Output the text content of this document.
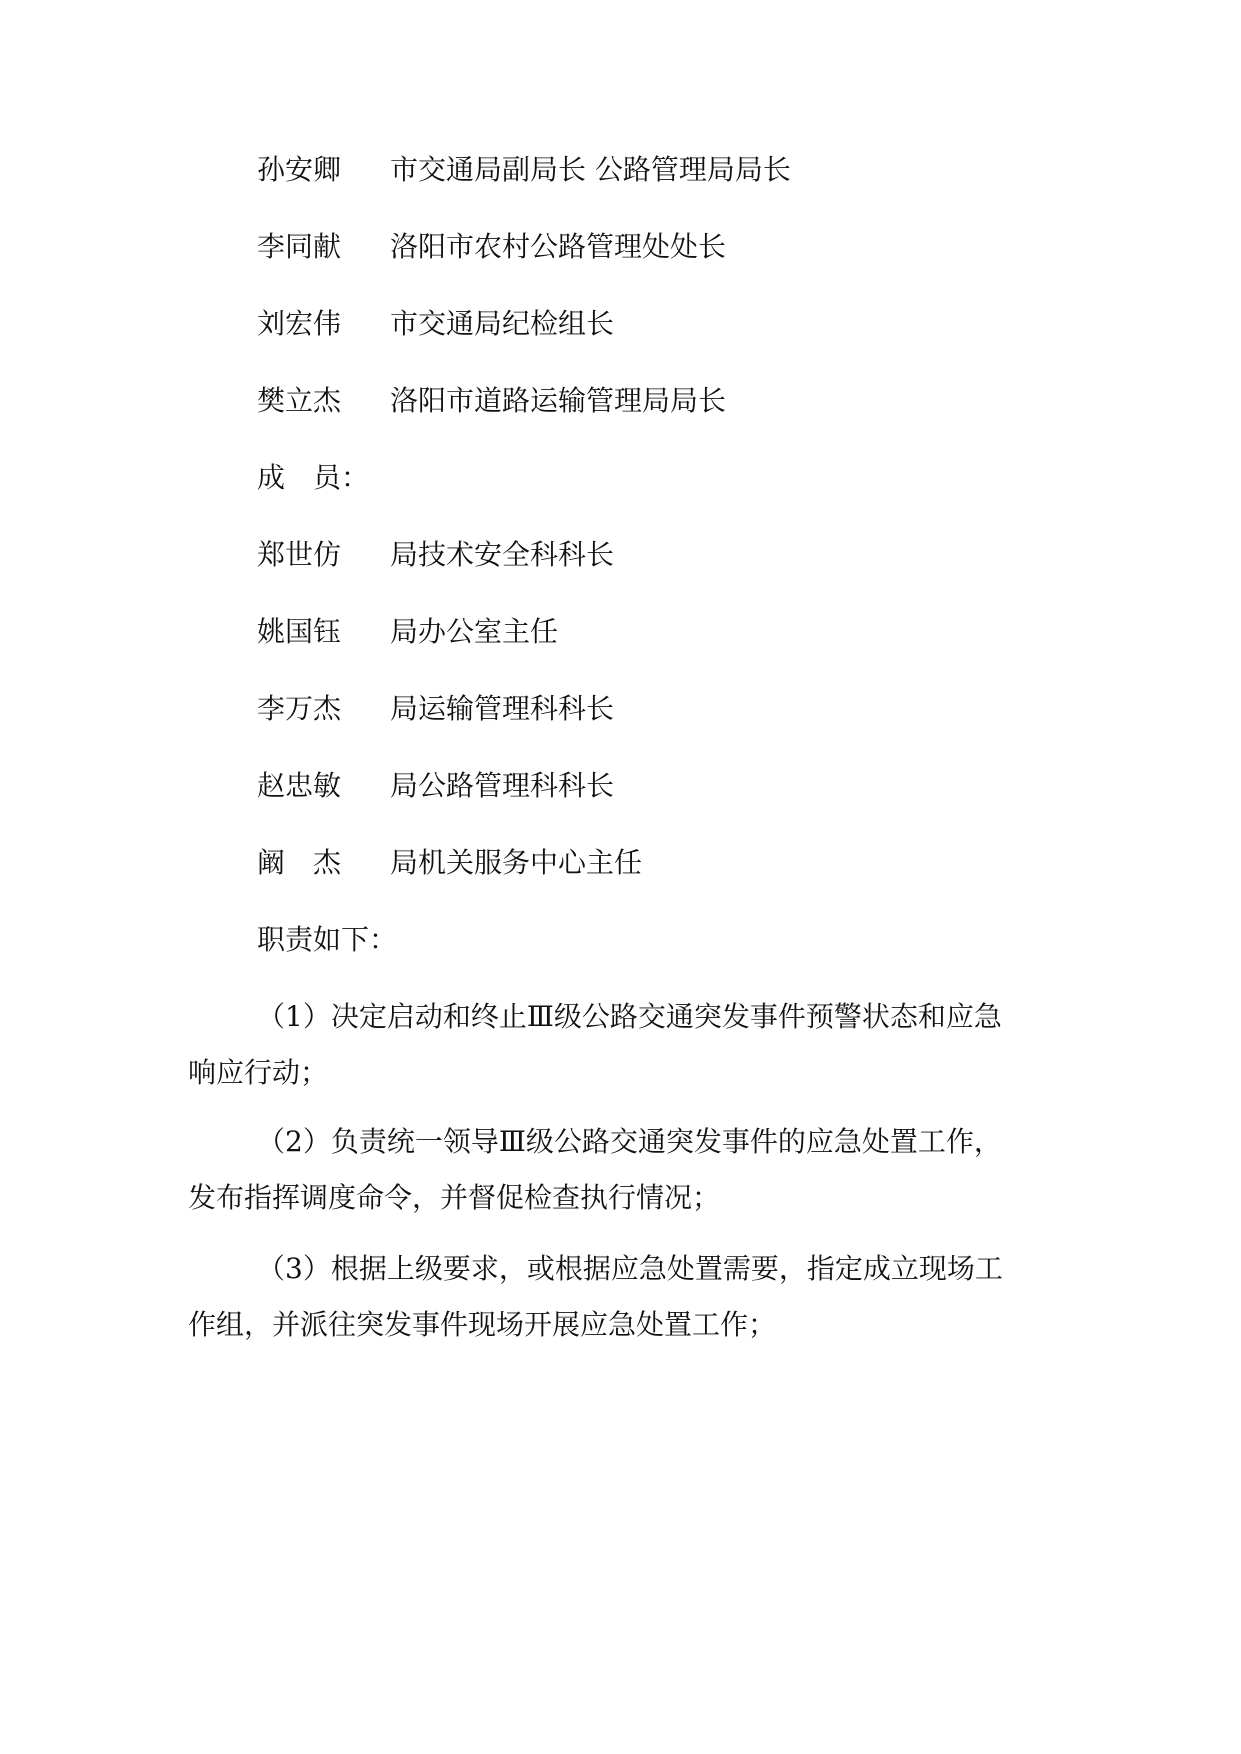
孙安卿 市交通局副局长 公路管理局局长
李同献 洛阳市农村公路管理处处长
刘宏伟 市交通局纪检组长
樊立杰 洛阳市道路运输管理局局长
成　员：
郑世仿 局技术安全科科长
姚国钰 局办公室主任
李万杰 局运输管理科科长
赵忠敏 局公路管理科科长
阚　杰 局机关服务中心主任
职责如下：
（1）决定启动和终止Ⅲ级公路交通突发事件预警状态和应急
响应行动；
（2）负责统一领导Ⅲ级公路交通突发事件的应急处置工作，
发布指挥调度命令，并督促检查执行情况；
（3）根据上级要求，或根据应急处置需要，指定成立现场工
作组，并派往突发事件现场开展应急处置工作；
